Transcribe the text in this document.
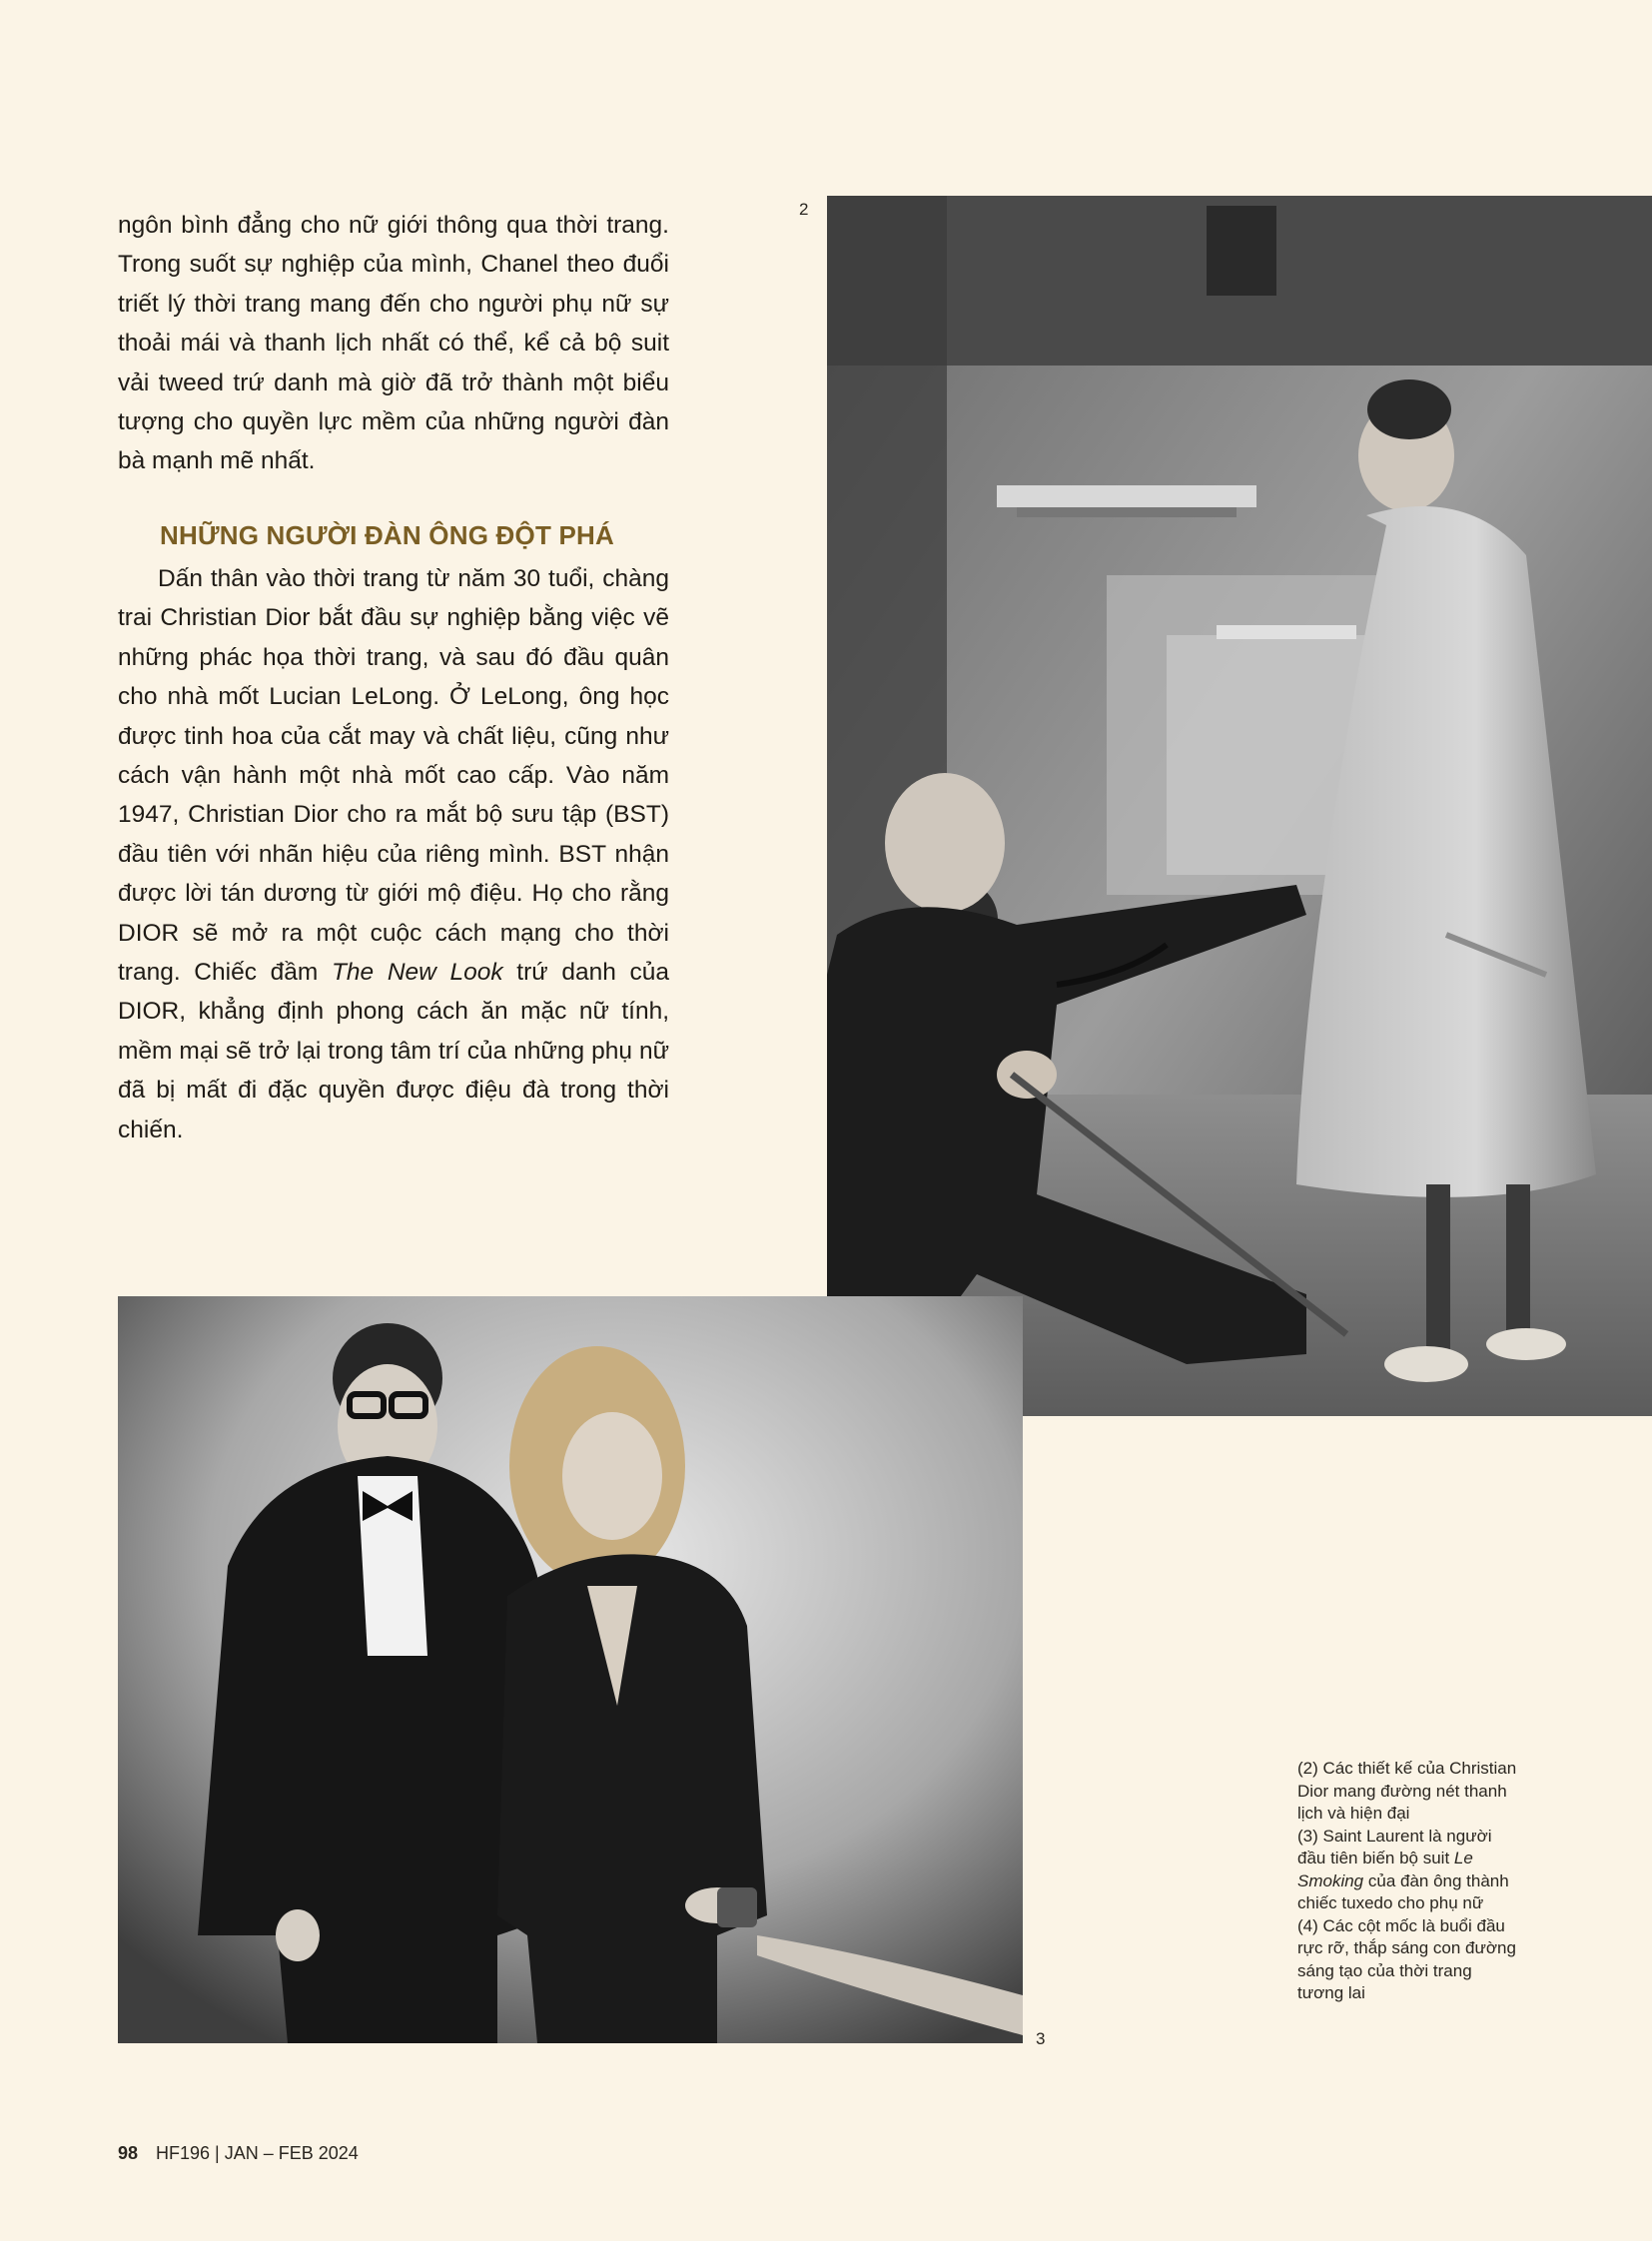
ngôn bình đẳng cho nữ giới thông qua thời trang. Trong suốt sự nghiệp của mình, Chanel theo đuổi triết lý thời trang mang đến cho người phụ nữ sự thoải mái và thanh lịch nhất có thể, kể cả bộ suit vải tweed trứ danh mà giờ đã trở thành một biểu tượng cho quyền lực mềm của những người đàn bà mạnh mẽ nhất.

NHỮNG NGƯỜI ĐÀN ÔNG ĐỘT PHÁ

Dấn thân vào thời trang từ năm 30 tuổi, chàng trai Christian Dior bắt đầu sự nghiệp bằng việc vẽ những phác họa thời trang, và sau đó đầu quân cho nhà mốt Lucian LeLong. Ở LeLong, ông học được tinh hoa của cắt may và chất liệu, cũng như cách vận hành một nhà mốt cao cấp. Vào năm 1947, Christian Dior cho ra mắt bộ sưu tập (BST) đầu tiên với nhãn hiệu của riêng mình. BST nhận được lời tán dương từ giới mộ điệu. Họ cho rằng DIOR sẽ mở ra một cuộc cách mạng cho thời trang. Chiếc đầm The New Look trứ danh của DIOR, khẳng định phong cách ăn mặc nữ tính, mềm mại sẽ trở lại trong tâm trí của những phụ nữ đã bị mất đi đặc quyền được điệu đà trong thời chiến.

2
3
(2) Các thiết kế của Christian Dior mang đường nét thanh lịch và hiện đại
(3) Saint Laurent là người đầu tiên biến bộ suit Le Smoking của đàn ông thành chiếc tuxedo cho phụ nữ
(4) Các cột mốc là buổi đầu rực rỡ, thắp sáng con đường sáng tạo của thời trang tương lai
98 HF196 | JAN – FEB 2024
